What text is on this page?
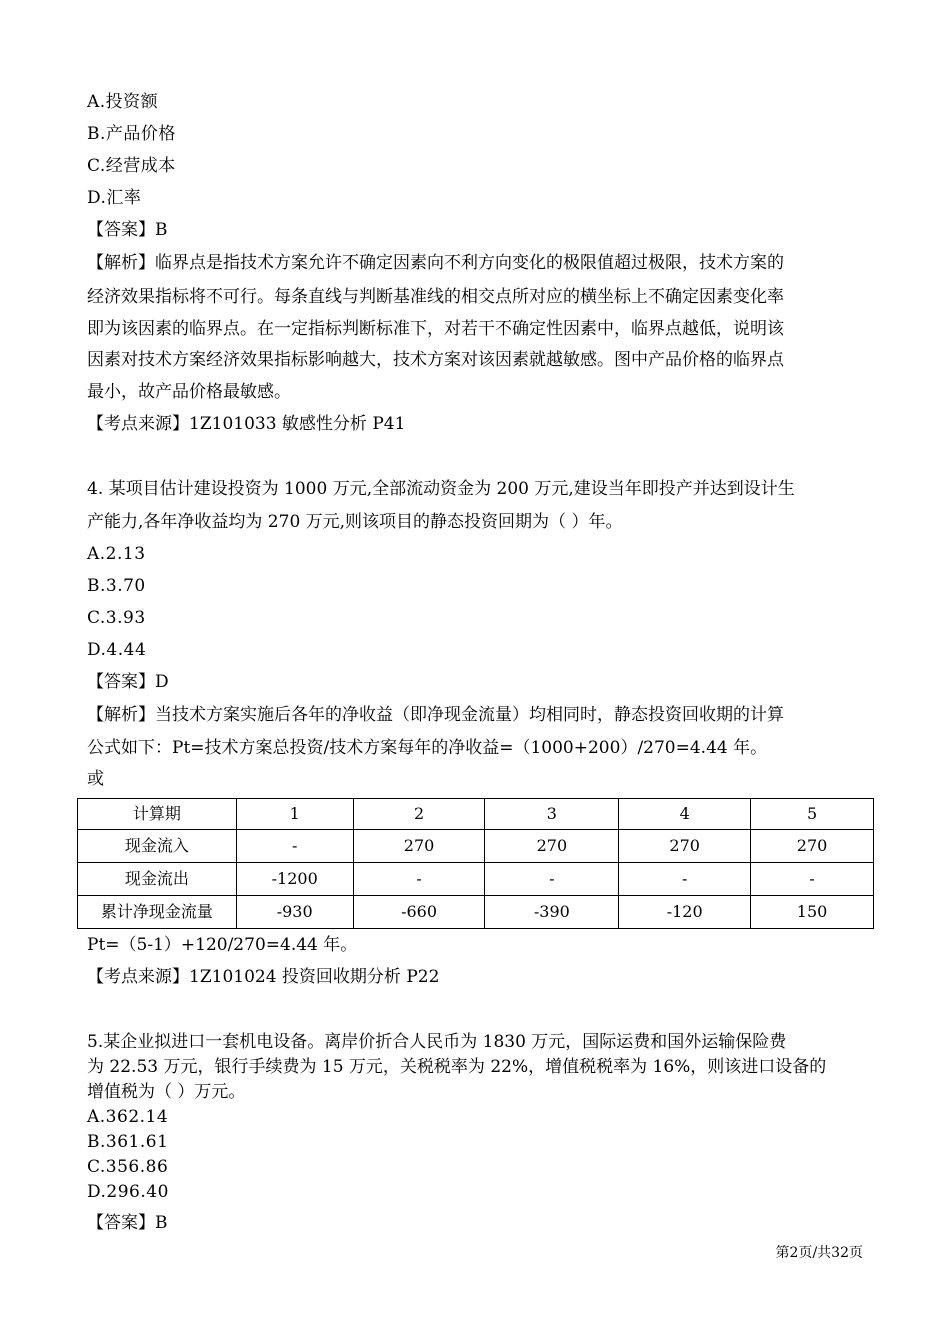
A.投资额
B.产品价格
C.经营成本
D.汇率
【答案】B
【解析】临界点是指技术方案允许不确定因素向不利方向变化的极限值超过极限，技术方案的
经济效果指标将不可行。每条直线与判断基准线的相交点所对应的横坐标上不确定因素变化率
即为该因素的临界点。在一定指标判断标准下，对若干不确定性因素中，临界点越低，说明该
因素对技术方案经济效果指标影响越大，技术方案对该因素就越敏感。图中产品价格的临界点
最小，故产品价格最敏感。
【考点来源】1Z101033 敏感性分析 P41
4. 某项目估计建设投资为 1000 万元,全部流动资金为 200 万元,建设当年即投产并达到设计生
产能力,各年净收益均为 270 万元,则该项目的静态投资回期为（ ）年。
A.2.13
B.3.70
C.3.93
D.4.44
【答案】D
【解析】当技术方案实施后各年的净收益（即净现金流量）均相同时，静态投资回收期的计算
公式如下：Pt=技术方案总投资/技术方案每年的净收益=（1000+200）/270=4.44 年。
或
计算期	1	2	3	4	5
现金流入	-	270	270	270	270
现金流出	-1200	-	-	-	-
累计净现金流量	-930	-660	-390	-120	150
Pt=（5-1）+120/270=4.44 年。
【考点来源】1Z101024 投资回收期分析 P22
5.某企业拟进口一套机电设备。离岸价折合人民币为 1830 万元，国际运费和国外运输保险费
为 22.53 万元，银行手续费为 15 万元，关税税率为 22%，增值税税率为 16%，则该进口设备的
增值税为（ ）万元。
A.362.14
B.361.61
C.356.86
D.296.40
【答案】B
第2页/共32页
